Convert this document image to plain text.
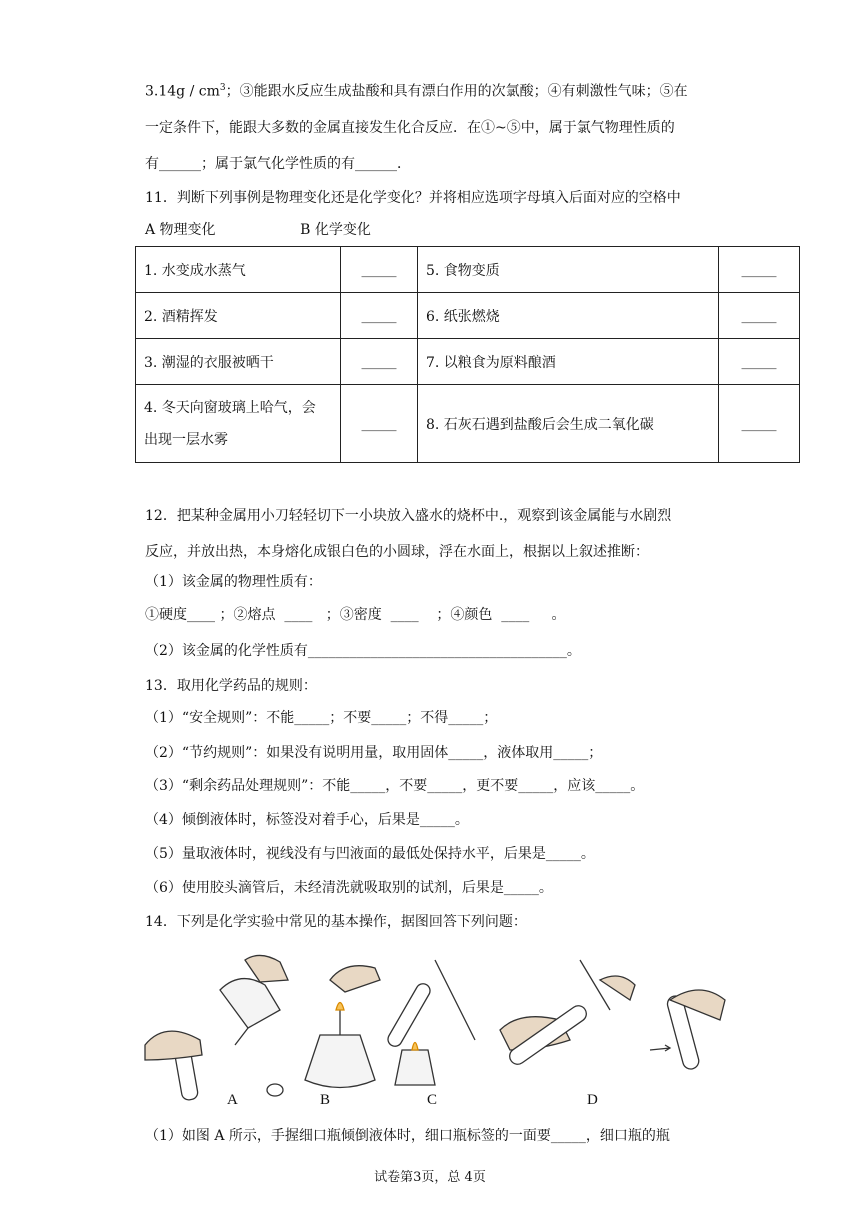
$3.14g / cm^3$；③能跟水反应生成盐酸和具有漂白作用的次氯酸；④有刺激性气味；⑤在
一定条件下，能跟大多数的金属直接发生化合反应．在①~⑤中，属于氯气物理性质的
有______；属于氯气化学性质的有______．
11．判断下列事例是物理变化还是化学变化？并将相应选项字母填入后面对应的空格中
A 物理变化                   B 化学变化
1. 水变成水蒸气	_____	5. 食物变质	_____
2. 酒精挥发	_____	6. 纸张燃烧	_____
3. 潮湿的衣服被晒干	_____	7. 以粮食为原料酿酒	_____
4. 冬天向窗玻璃上哈气，会
出现一层水雾	_____	8. 石灰石遇到盐酸后会生成二氧化碳	_____
12．把某种金属用小刀轻轻切下一小块放入盛水的烧杯中.，观察到该金属能与水剧烈
反应，并放出热，本身熔化成银白色的小圆球，浮在水面上，根据以上叙述推断：
（1）该金属的物理性质有：
①硬度____ ；②熔点  ____   ；③密度  ____    ；④颜色  ____     。
（2）该金属的化学性质有_____________________________________。
13．取用化学药品的规则：
（1）“安全规则”：不能_____；不要_____；不得_____；
（2）“节约规则”：如果没有说明用量，取用固体_____，液体取用_____；
（3）“剩余药品处理规则”：不能_____，不要_____，更不要_____，应该_____。
（4）倾倒液体时，标签没对着手心，后果是_____。
（5）量取液体时，视线没有与凹液面的最低处保持水平，后果是_____。
（6）使用胶头滴管后，未经清洗就吸取别的试剂，后果是_____。
14．下列是化学实验中常见的基本操作，据图回答下列问题：
A	B	C	D
（1）如图 A 所示，手握细口瓶倾倒液体时，细口瓶标签的一面要_____，细口瓶的瓶
试卷第3页，总 4页
